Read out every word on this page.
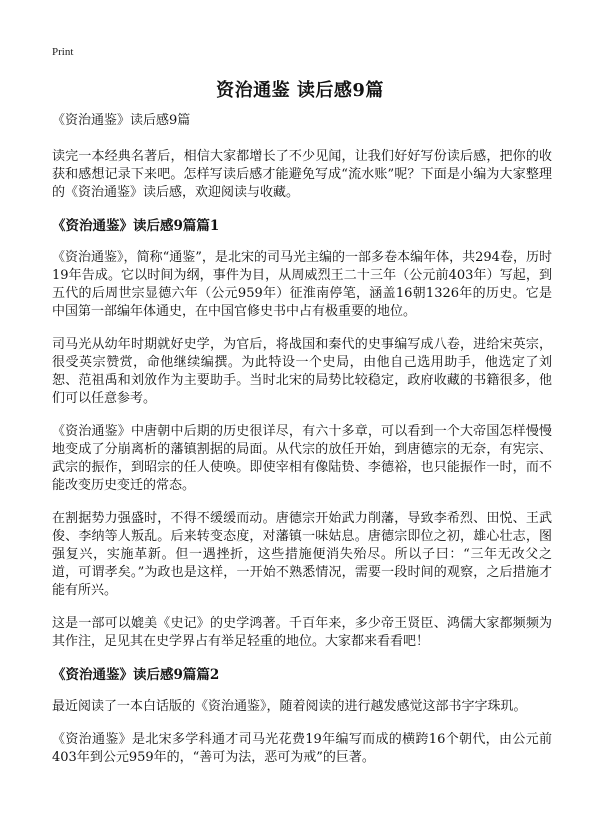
Print
资治通鉴 读后感9篇

《资治通鉴》读后感9篇

读完一本经典名著后，相信大家都增长了不少见闻，让我们好好写份读后感，把你的收获和感想记录下来吧。怎样写读后感才能避免写成“流水账”呢？下面是小编为大家整理的《资治通鉴》读后感，欢迎阅读与收藏。

《资治通鉴》读后感9篇篇1

《资治通鉴》，简称“通鉴”，是北宋的司马光主编的一部多卷本编年体，共294卷，历时19年告成。它以时间为纲，事件为目，从周威烈王二十三年（公元前403年）写起，到五代的后周世宗显德六年（公元959年）征淮南停笔，涵盖16朝1326年的历史。它是中国第一部编年体通史，在中国官修史书中占有极重要的地位。

司马光从幼年时期就好史学，为官后，将战国和秦代的史事编写成八卷，进给宋英宗，很受英宗赞赏，命他继续编撰。为此特设一个史局，由他自己选用助手，他选定了刘恕、范祖禹和刘攽作为主要助手。当时北宋的局势比较稳定，政府收藏的书籍很多，他们可以任意参考。

《资治通鉴》中唐朝中后期的历史很详尽，有六十多章，可以看到一个大帝国怎样慢慢地变成了分崩离析的藩镇割据的局面。从代宗的放任开始，到唐德宗的无奈，有宪宗、武宗的振作，到昭宗的任人使唤。即使宰相有像陆贽、李德裕，也只能振作一时，而不能改变历史变迁的常态。

在割据势力强盛时，不得不缓缓而动。唐德宗开始武力削藩，导致李希烈、田悦、王武俊、李纳等人叛乱。后来转变态度，对藩镇一味姑息。唐德宗即位之初，雄心壮志，图强复兴，实施革新。但一遇挫折，这些措施便消失殆尽。所以子曰：“三年无改父之道，可谓孝矣。”为政也是这样，一开始不熟悉情况，需要一段时间的观察，之后措施才能有所兴。

这是一部可以媲美《史记》的史学鸿著。千百年来，多少帝王贤臣、鸿儒大家都频频为其作注，足见其在史学界占有举足轻重的地位。大家都来看看吧！

《资治通鉴》读后感9篇篇2

最近阅读了一本白话版的《资治通鉴》，随着阅读的进行越发感觉这部书字字珠玑。

《资治通鉴》是北宋多学科通才司马光花费19年编写而成的横跨16个朝代，由公元前403年到公元959年的，“善可为法，恶可为戒”的巨著。
